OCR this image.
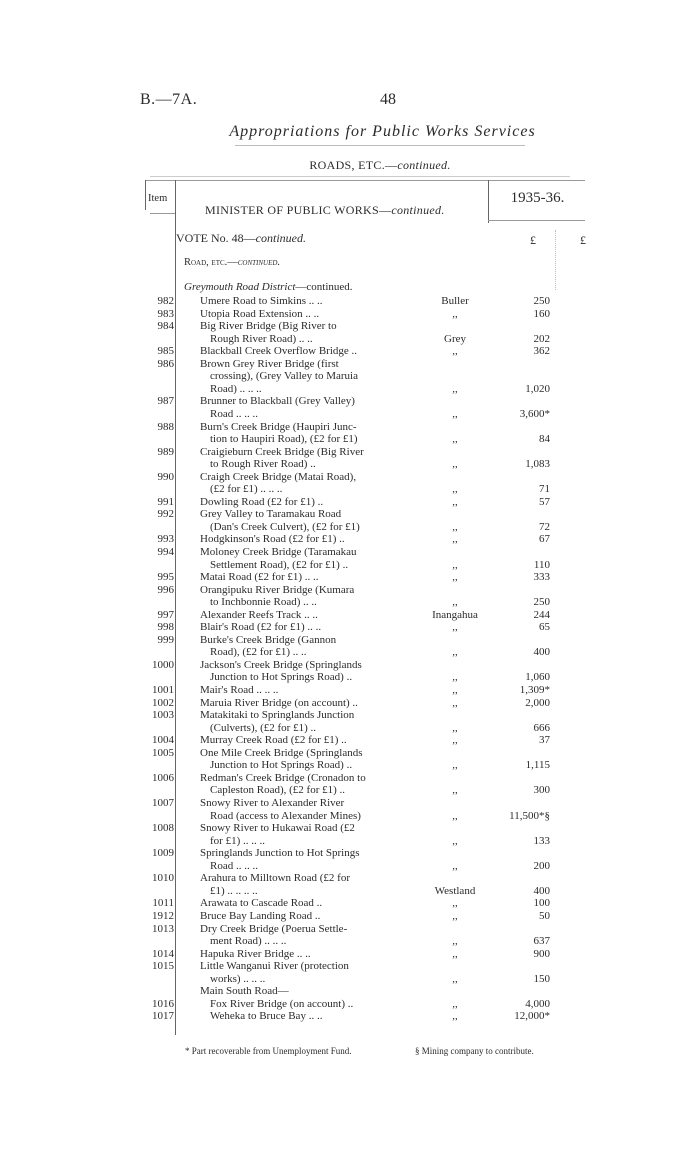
B.—7A.	48
Appropriations for Public Works Services
ROADS, ETC.—continued.
Item	1935-36.
MINISTER OF PUBLIC WORKS—continued.
VOTE No. 48—continued.
Road, etc.—continued.
£	£
Greymouth Road District—continued.
982 Umere Road to Simkins .. ..	Buller	250
983 Utopia Road Extension .. ..	,,	160
984 Big River Bridge (Big River to
Rough River Road) .. ..	Grey	202
985 Blackball Creek Overflow Bridge ..	,,	362
986 Brown Grey River Bridge (first
crossing), (Grey Valley to Maruia
Road) .. .. ..	,,	1,020
987 Brunner to Blackball (Grey Valley)
Road .. .. ..	,,	3,600*
988 Burn's Creek Bridge (Haupiri Junc-
tion to Haupiri Road), (£2 for £1)	,,	84
989 Craigieburn Creek Bridge (Big River
to Rough River Road) ..	,,	1,083
990 Craigh Creek Bridge (Matai Road),
(£2 for £1) .. .. ..	,,	71
991 Dowling Road (£2 for £1) ..	,,	57
992 Grey Valley to Taramakau Road
(Dan's Creek Culvert), (£2 for £1)	,,	72
993 Hodgkinson's Road (£2 for £1) ..	,,	67
994 Moloney Creek Bridge (Taramakau
Settlement Road), (£2 for £1) ..	,,	110
995 Matai Road (£2 for £1) .. ..	,,	333
996 Orangipuku River Bridge (Kumara
to Inchbonnie Road) .. ..	,,	250
997 Alexander Reefs Track .. ..	Inangahua	244
998 Blair's Road (£2 for £1) .. ..	,,	65
999 Burke's Creek Bridge (Gannon
Road), (£2 for £1) .. ..	,,	400
1000 Jackson's Creek Bridge (Springlands
Junction to Hot Springs Road) ..	,,	1,060
1001 Mair's Road .. .. ..	,,	1,309*
1002 Maruia River Bridge (on account) ..	,,	2,000
1003 Matakitaki to Springlands Junction
(Culverts), (£2 for £1) ..	,,	666
1004 Murray Creek Road (£2 for £1) ..	,,	37
1005 One Mile Creek Bridge (Springlands
Junction to Hot Springs Road) ..	,,	1,115
1006 Redman's Creek Bridge (Cronadon to
Capleston Road), (£2 for £1) ..	,,	300
1007 Snowy River to Alexander River
Road (access to Alexander Mines)	,,	11,500*§
1008 Snowy River to Hukawai Road (£2
for £1) .. .. ..	,,	133
1009 Springlands Junction to Hot Springs
Road .. .. ..	,,	200
1010 Arahura to Milltown Road (£2 for
£1) .. .. .. ..	Westland	400
1011 Arawata to Cascade Road ..	,,	100
1912 Bruce Bay Landing Road ..	,,	50
1013 Dry Creek Bridge (Poerua Settle-
ment Road) .. .. ..	,,	637
1014 Hapuka River Bridge .. ..	,,	900
1015 Little Wanganui River (protection
works) .. .. ..	,,	150
Main South Road—
1016	Fox River Bridge (on account) ..	,,	4,000
1017	Weheka to Bruce Bay .. ..	,,	12,000*
* Part recoverable from Unemployment Fund.	§ Mining company to contribute.
